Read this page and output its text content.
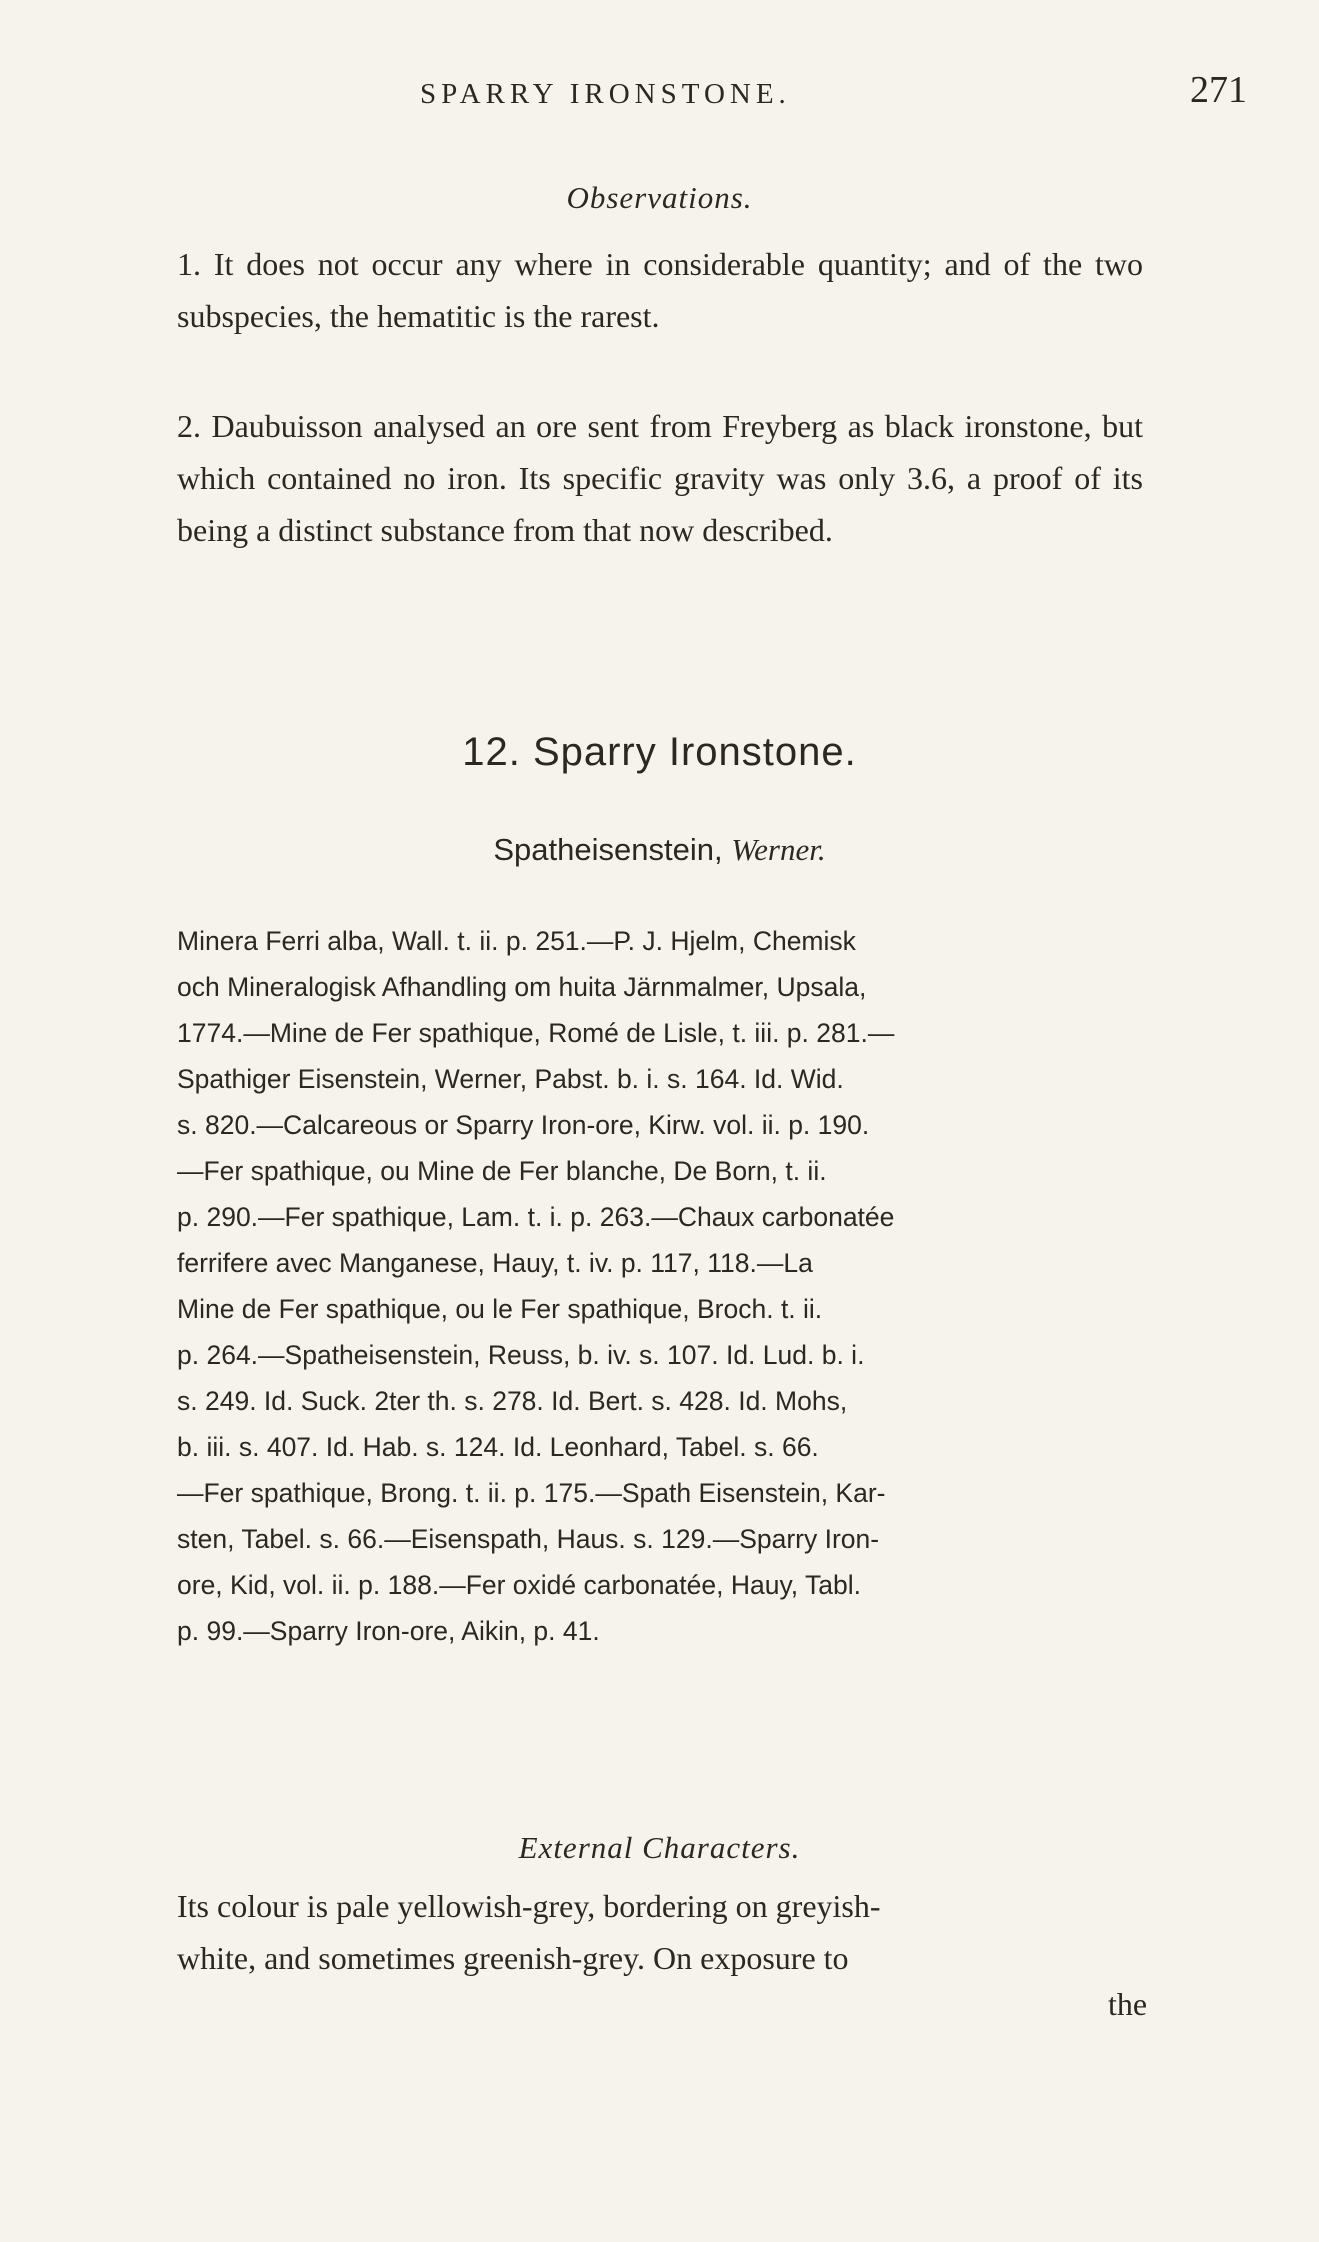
SPARRY IRONSTONE.	271
Observations.
1. It does not occur any where in considerable quantity; and of the two subspecies, the hematitic is the rarest.
2. Daubuisson analysed an ore sent from Freyberg as black ironstone, but which contained no iron. Its specific gravity was only 3.6, a proof of its being a distinct substance from that now described.
12. Sparry Ironstone.
Spatheisenstein, Werner.
Minera Ferri alba, Wall. t. ii. p. 251.—P. J. Hjelm, Chemisk
och Mineralogisk Afhandling om huita Järnmalmer, Upsala,
1774.—Mine de Fer spathique, Romé de Lisle, t. iii. p. 281.—
Spathiger Eisenstein, Werner, Pabst. b. i. s. 164. Id. Wid.
s. 820.—Calcareous or Sparry Iron-ore, Kirw. vol. ii. p. 190.
—Fer spathique, ou Mine de Fer blanche, De Born, t. ii.
p. 290.—Fer spathique, Lam. t. i. p. 263.—Chaux carbonatée
ferrifere avec Manganese, Hauy, t. iv. p. 117, 118.—La
Mine de Fer spathique, ou le Fer spathique, Broch. t. ii.
p. 264.—Spatheisenstein, Reuss, b. iv. s. 107. Id. Lud. b. i.
s. 249. Id. Suck. 2ter th. s. 278. Id. Bert. s. 428. Id. Mohs,
b. iii. s. 407. Id. Hab. s. 124. Id. Leonhard, Tabel. s. 66.
—Fer spathique, Brong. t. ii. p. 175.—Spath Eisenstein, Kar-
sten, Tabel. s. 66.—Eisenspath, Haus. s. 129.—Sparry Iron-
ore, Kid, vol. ii. p. 188.—Fer oxidé carbonatée, Hauy, Tabl.
p. 99.—Sparry Iron-ore, Aikin, p. 41.
External Characters.
Its colour is pale yellowish-grey, bordering on greyish-
white, and sometimes greenish-grey. On exposure to
the
